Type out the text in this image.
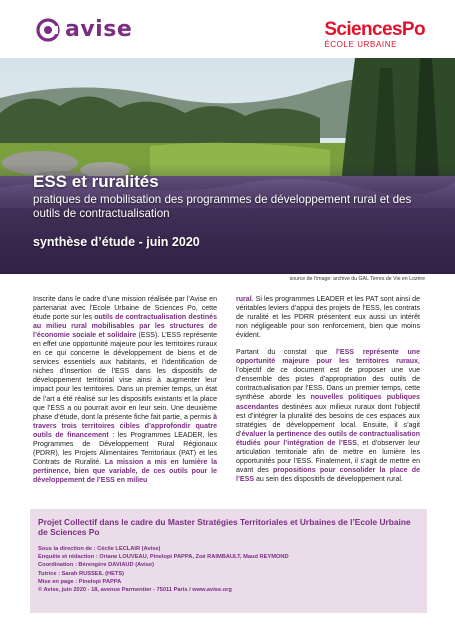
avise	SciencesPo
ÉCOLE URBAINE
ESS et ruralités
pratiques de mobilisation des programmes de développement rural et des outils de contractualisation
synthèse d’étude - juin 2020
source de l’image: archive du GAL Terres de Vie en Lozère

Inscrite dans le cadre d’une mission réalisée par l’Avise en partenariat avec l’Ecole Urbaine de Sciences Po, cette étude porte sur les outils de contractualisation destinés au milieu rural mobilisables par les structures de l’économie sociale et solidaire (ESS). L’ESS représente en effet une opportunité majeure pour les territoires ruraux en ce qui concerne le développement de biens et de services essentiels aux habitants, et l’identification de niches d’insertion de l’ESS dans les dispositifs de développement territorial vise ainsi à augmenter leur impact pour les territoires. Dans un premier temps, un état de l’art a été réalisé sur les dispositifs existants et la place que l’ESS a ou pourrait avoir en leur sein. Une deuxième phase d’étude, dont la présente fiche fait partie, a permis à travers trois territoires cibles d’approfondir quatre outils de financement : les Programmes LEADER, les Programmes de Développement Rural Régionaux (PDRR), les Projets Alimentaires Territoriaux (PAT) et les Contrats de Ruralité. La mission a mis en lumière la pertinence, bien que variable, de ces outils pour le développement de l’ESS en milieu

rural. Si les programmes LEADER et les PAT sont ainsi de véritables leviers d’appui des projets de l’ESS, les contrats de ruralité et les PDRR présentent eux aussi un intérêt non négligeable pour son renforcement, bien que moins évident.

Partant du constat que l’ESS représente une opportunité majeure pour les territoires ruraux, l’objectif de ce document est de proposer une vue d’ensemble des pistes d’appropriation des outils de contractualisation par l’ESS. Dans un premier temps, cette synthèse aborde les nouvelles politiques publiques ascendantes destinées aux milieux ruraux dont l’objectif est d’intégrer la pluralité des besoins de ces espaces aux stratégies de développement local. Ensuite, il s’agit d’évaluer la pertinence des outils de contractualisation étudiés pour l’intégration de l’ESS, et d’observer leur articulation territoriale afin de mettre en lumière les opportunités pour l’ESS. Finalement, il s’agit de mettre en avant des propositions pour consolider la place de l’ESS au sein des dispositifs de développement rural.

Projet Collectif dans le cadre du Master Stratégies Territoriales et Urbaines de l’Ecole Urbaine de Sciences Po
Sous la direction de : Cécile LECLAIR (Avise)
Enquête et rédaction : Oriane LOUVEAU, Pinelopi PAPPA, Zoé RAIMBAULT, Maud REYMOND
Coordination : Bérengère DAVIAUD (Avise)
Tutrice : Sarah RUSSEIL (HETS)
Mise en page : Pinelopi PAPPA
© Avise, juin 2020 - 18, avenue Parmentier - 75011 Paris / www.avise.org
